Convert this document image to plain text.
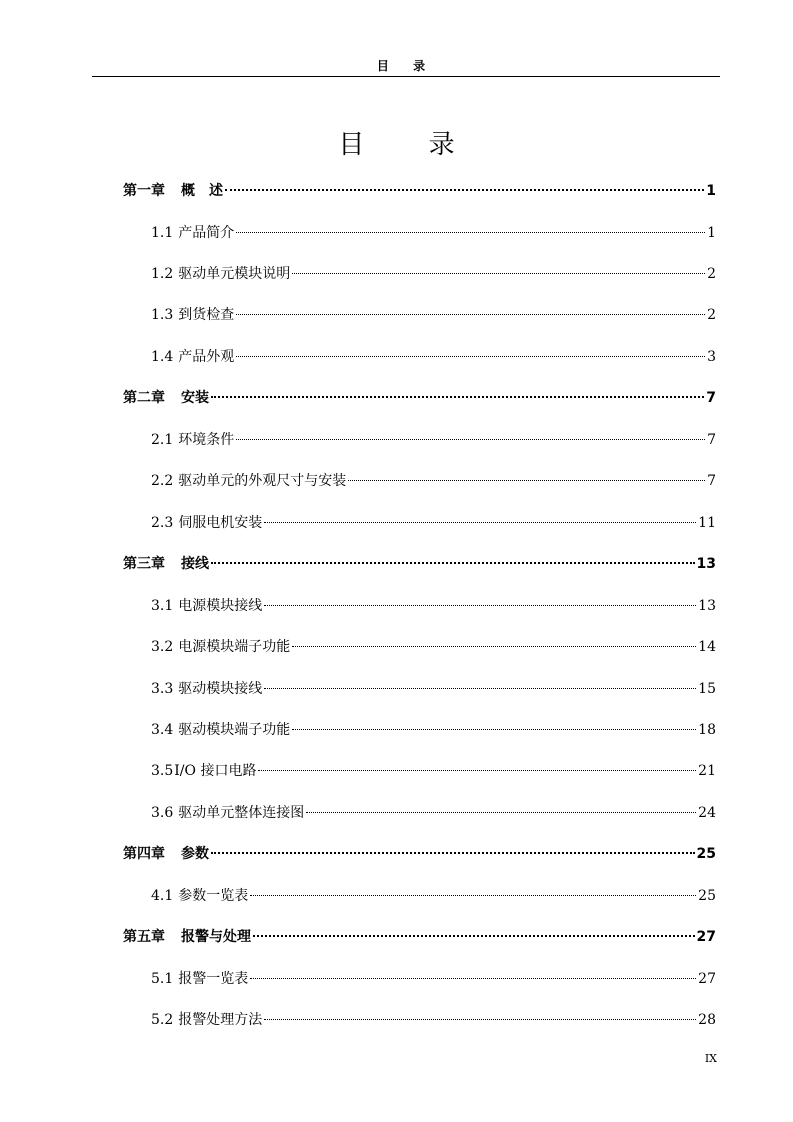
目 录
目 录
第一章 概　述	1
1.1 产品简介	1
1.2 驱动单元模块说明	2
1.3 到货检查	2
1.4 产品外观	3
第二章 安装	7
2.1 环境条件	7
2.2 驱动单元的外观尺寸与安装	7
2.3 伺服电机安装	11
第三章 接线	13
3.1 电源模块接线	13
3.2 电源模块端子功能	14
3.3 驱动模块接线	15
3.4 驱动模块端子功能	18
3.5 I/O 接口电路	21
3.6 驱动单元整体连接图	24
第四章 参数	25
4.1 参数一览表	25
第五章 报警与处理	27
5.1 报警一览表	27
5.2 报警处理方法	28
IX
